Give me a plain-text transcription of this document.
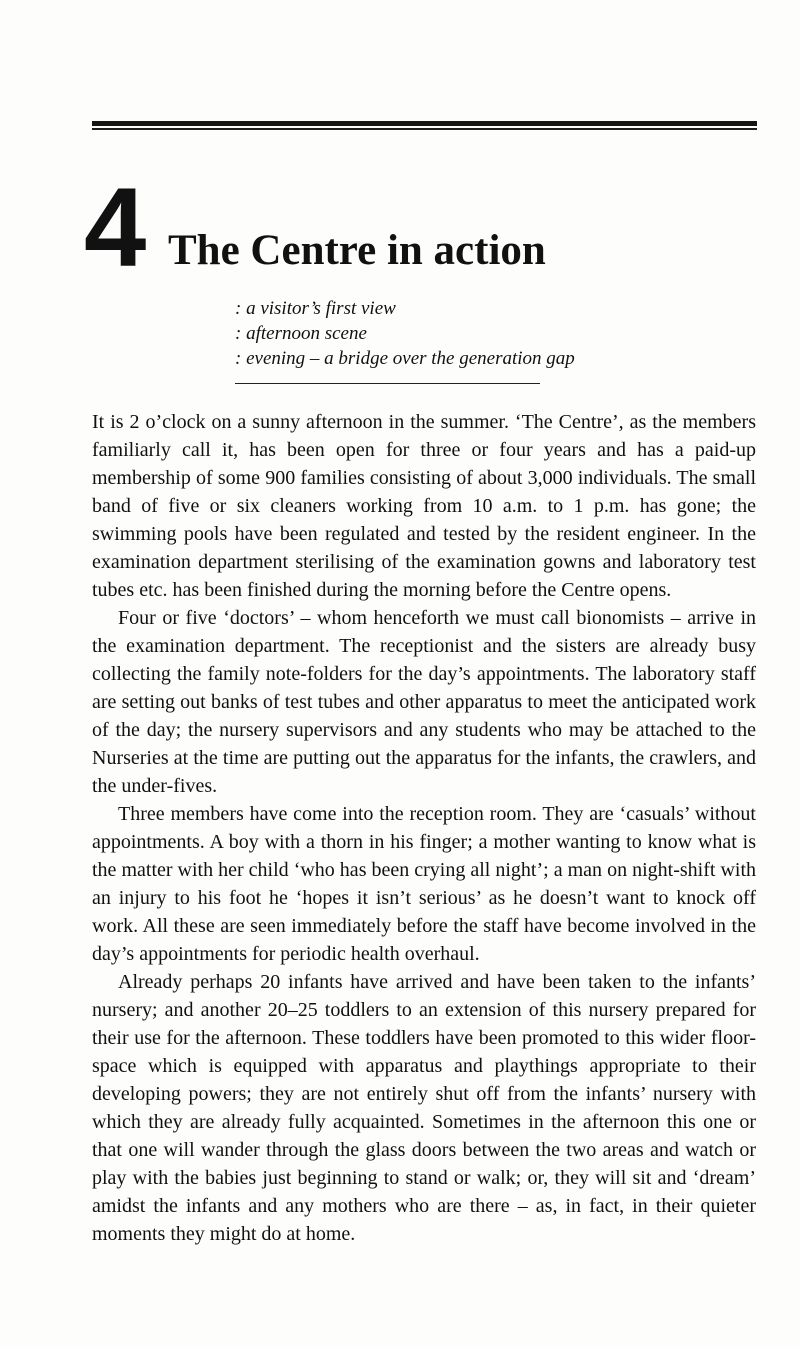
4 The Centre in action
: a visitor’s first view
: afternoon scene
: evening – a bridge over the generation gap

It is 2 o’clock on a sunny afternoon in the summer. ‘The Centre’, as the members familiarly call it, has been open for three or four years and has a paid-up membership of some 900 families consisting of about 3,000 individuals. The small band of five or six cleaners working from 10 a.m. to 1 p.m. has gone; the swimming pools have been regulated and tested by the resident engineer. In the examination department sterilising of the examination gowns and laboratory test tubes etc. has been finished during the morning before the Centre opens.

Four or five ‘doctors’ – whom henceforth we must call bionomists – arrive in the examination department. The receptionist and the sisters are already busy collecting the family note-folders for the day’s appointments. The laboratory staff are setting out banks of test tubes and other apparatus to meet the anticipated work of the day; the nursery supervisors and any students who may be attached to the Nurseries at the time are putting out the apparatus for the infants, the crawlers, and the under-fives.

Three members have come into the reception room. They are ‘casuals’ without appointments. A boy with a thorn in his finger; a mother wanting to know what is the matter with her child ‘who has been crying all night’; a man on night-shift with an injury to his foot he ‘hopes it isn’t serious’ as he doesn’t want to knock off work. All these are seen immediately before the staff have become involved in the day’s appointments for periodic health overhaul.

Already perhaps 20 infants have arrived and have been taken to the infants’ nursery; and another 20–25 toddlers to an extension of this nursery prepared for their use for the afternoon. These toddlers have been promoted to this wider floor-space which is equipped with apparatus and playthings appropriate to their developing powers; they are not entirely shut off from the infants’ nursery with which they are already fully acquainted. Sometimes in the afternoon this one or that one will wander through the glass doors between the two areas and watch or play with the babies just beginning to stand or walk; or, they will sit and ‘dream’ amidst the infants and any mothers who are there – as, in fact, in their quieter moments they might do at home.
